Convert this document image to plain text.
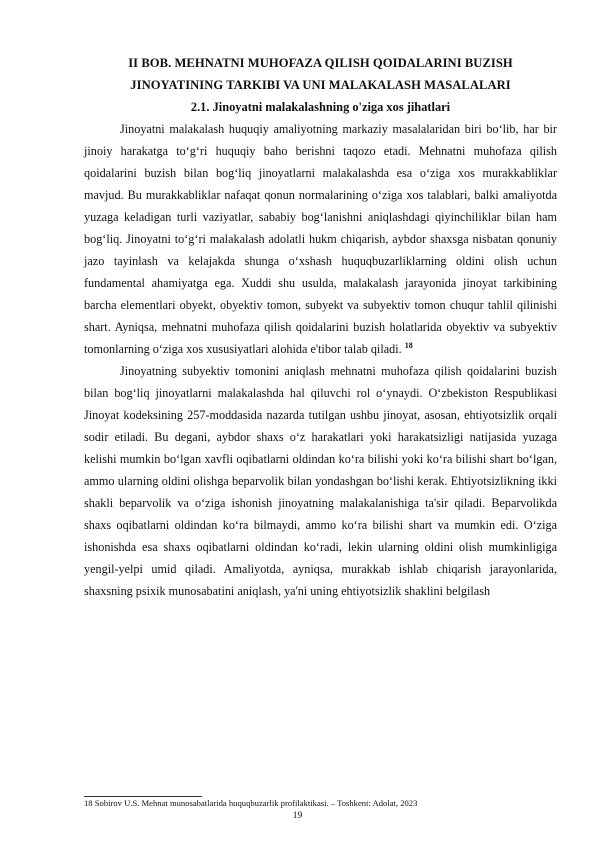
II BOB. MEHNATNI MUHOFAZA QILISH QOIDALARINI BUZISH

JINOYATINING TARKIBI VA UNI MALAKALASH MASALALARI

2.1. Jinoyatni malakalashning o'ziga xos jihatlari

Jinoyatni malakalash huquqiy amaliyotning markaziy masalalaridan biri bo‘lib, har bir jinoiy harakatga to‘g‘ri huquqiy baho berishni taqozo etadi. Mehnatni muhofaza qilish qoidalarini buzish bilan bog‘liq jinoyatlarni malakalashda esa o‘ziga xos murakkabliklar mavjud. Bu murakkabliklar nafaqat qonun normalarining o‘ziga xos talablari, balki amaliyotda yuzaga keladigan turli vaziyatlar, sababiy bog‘lanishni aniqlashdagi qiyinchiliklar bilan ham bog‘liq. Jinoyatni to‘g‘ri malakalash adolatli hukm chiqarish, aybdor shaxsga nisbatan qonuniy jazo tayinlash va kelajakda shunga o‘xshash huquqbuzarliklarning oldini olish uchun fundamental ahamiyatga ega. Xuddi shu usulda, malakalash jarayonida jinoyat tarkibining barcha elementlari obyekt, obyektiv tomon, subyekt va subyektiv tomon chuqur tahlil qilinishi shart. Ayniqsa, mehnatni muhofaza qilish qoidalarini buzish holatlarida obyektiv va subyektiv tomonlarning o‘ziga xos xususiyatlari alohida e'tibor talab qiladi. $^{18}$

Jinoyatning subyektiv tomonini aniqlash mehnatni muhofaza qilish qoidalarini buzish bilan bog‘liq jinoyatlarni malakalashda hal qiluvchi rol o‘ynaydi. O‘zbekiston Respublikasi Jinoyat kodeksining 257-moddasida nazarda tutilgan ushbu jinoyat, asosan, ehtiyotsizlik orqali sodir etiladi. Bu degani, aybdor shaxs o‘z harakatlari yoki harakatsizligi natijasida yuzaga kelishi mumkin bo‘lgan xavfli oqibatlarni oldindan ko‘ra bilishi yoki ko‘ra bilishi shart bo‘lgan, ammo ularning oldini olishga beparvolik bilan yondashgan bo‘lishi kerak. Ehtiyotsizlikning ikki shakli beparvolik va o‘ziga ishonish jinoyatning malakalanishiga ta'sir qiladi. Beparvolikda shaxs oqibatlarni oldindan ko‘ra bilmaydi, ammo ko‘ra bilishi shart va mumkin edi. O‘ziga ishonishda esa shaxs oqibatlarni oldindan ko‘radi, lekin ularning oldini olish mumkinligiga yengil-yelpi umid qiladi. Amaliyotda, ayniqsa, murakkab ishlab chiqarish jarayonlarida, shaxsning psixik munosabatini aniqlash, ya'ni uning ehtiyotsizlik shaklini belgilash

18 Sobirov U.S. Mehnat munosabatlarida huquqbuzarlik profilaktikasi. – Toshkent: Adolat, 2023

19
